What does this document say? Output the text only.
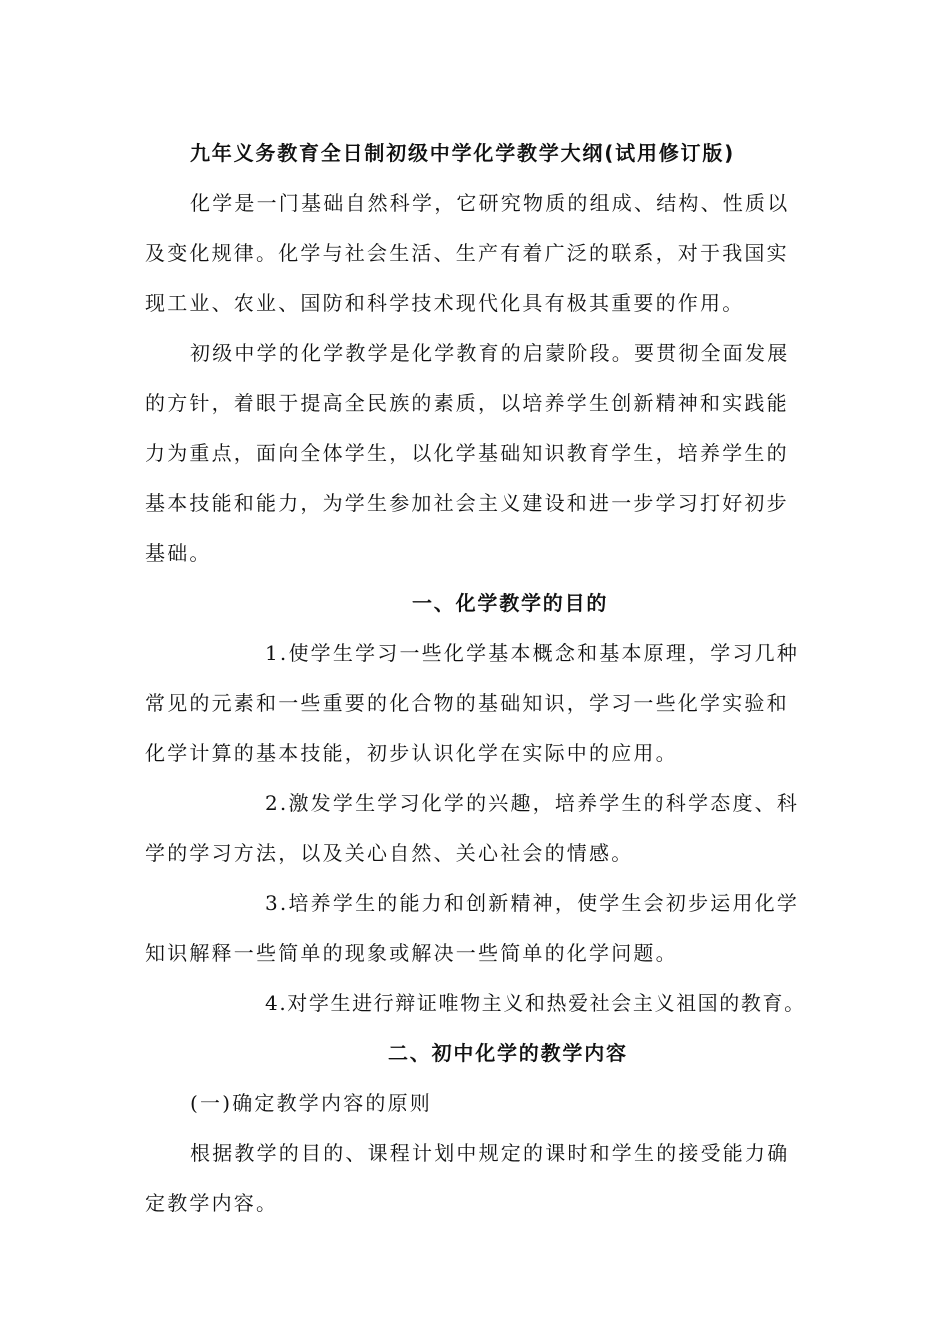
九年义务教育全日制初级中学化学教学大纲(试用修订版)
化学是一门基础自然科学，它研究物质的组成、结构、性质以
及变化规律。化学与社会生活、生产有着广泛的联系，对于我国实
现工业、农业、国防和科学技术现代化具有极其重要的作用。
初级中学的化学教学是化学教育的启蒙阶段。要贯彻全面发展
的方针，着眼于提高全民族的素质，以培养学生创新精神和实践能
力为重点，面向全体学生，以化学基础知识教育学生，培养学生的
基本技能和能力，为学生参加社会主义建设和进一步学习打好初步
基础。
一、化学教学的目的
1.使学生学习一些化学基本概念和基本原理，学习几种
常见的元素和一些重要的化合物的基础知识，学习一些化学实验和
化学计算的基本技能，初步认识化学在实际中的应用。
2.激发学生学习化学的兴趣，培养学生的科学态度、科
学的学习方法，以及关心自然、关心社会的情感。
3.培养学生的能力和创新精神，使学生会初步运用化学
知识解释一些简单的现象或解决一些简单的化学问题。
4.对学生进行辩证唯物主义和热爱社会主义祖国的教育。
二、初中化学的教学内容
(一)确定教学内容的原则
根据教学的目的、课程计划中规定的课时和学生的接受能力确
定教学内容。
